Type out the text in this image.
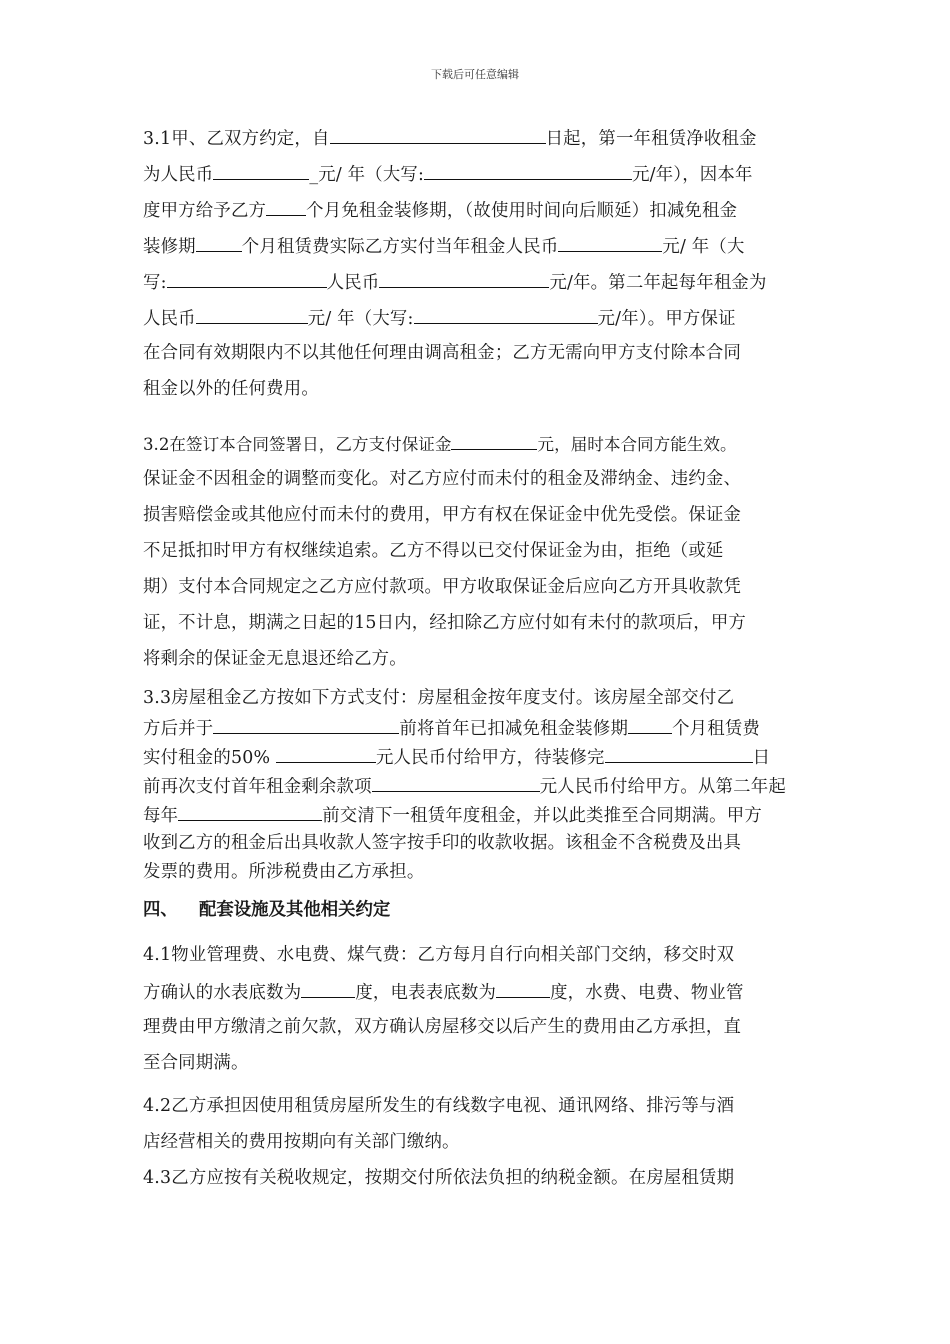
下载后可任意编辑
3.1甲、乙双方约定，自	日起，第一年租赁净收租金
为人民币	_元/ 年（大写:	元/年），因本年
度甲方给予乙方 个月免租金装修期，（故使用时间向后顺延）扣减免租金
装修期	个月租赁费实际乙方实付当年租金人民币	元/ 年（大
写:	人民币	元/年。第二年起每年租金为
人民币	元/ 年（大写:	元/年）。甲方保证
在合同有效期限内不以其他任何理由调高租金；乙方无需向甲方支付除本合同
租金以外的任何费用。
3.2在签订本合同签署日，乙方支付保证金	元，届时本合同方能生效。
保证金不因租金的调整而变化。对乙方应付而未付的租金及滞纳金、违约金、
损害赔偿金或其他应付而未付的费用，甲方有权在保证金中优先受偿。保证金
不足抵扣时甲方有权继续追索。乙方不得以已交付保证金为由，拒绝（或延
期）支付本合同规定之乙方应付款项。甲方收取保证金后应向乙方开具收款凭
证，不计息，期满之日起的15日内，经扣除乙方应付如有未付的款项后，甲方
将剩余的保证金无息退还给乙方。
3.3房屋租金乙方按如下方式支付：房屋租金按年度支付。该房屋全部交付乙
方后并于	前将首年已扣减免租金装修期	个月租赁费
实付租金的50%	元人民币付给甲方，待装修完	日
前再次支付首年租金剩余款项	元人民币付给甲方。从第二年起
每年	前交清下一租赁年度租金，并以此类推至合同期满。甲方
收到乙方的租金后出具收款人签字按手印的收款收据。该租金不含税费及出具
发票的费用。所涉税费由乙方承担。
四、 配套设施及其他相关约定
4.1物业管理费、水电费、煤气费：乙方每月自行向相关部门交纳，移交时双
方确认的水表底数为	度，电表表底数为	度，水费、电费、物业管
理费由甲方缴清之前欠款，双方确认房屋移交以后产生的费用由乙方承担，直
至合同期满。
4.2乙方承担因使用租赁房屋所发生的有线数字电视、通讯网络、排污等与酒
店经营相关的费用按期向有关部门缴纳。
4.3乙方应按有关税收规定，按期交付所依法负担的纳税金额。在房屋租赁期
